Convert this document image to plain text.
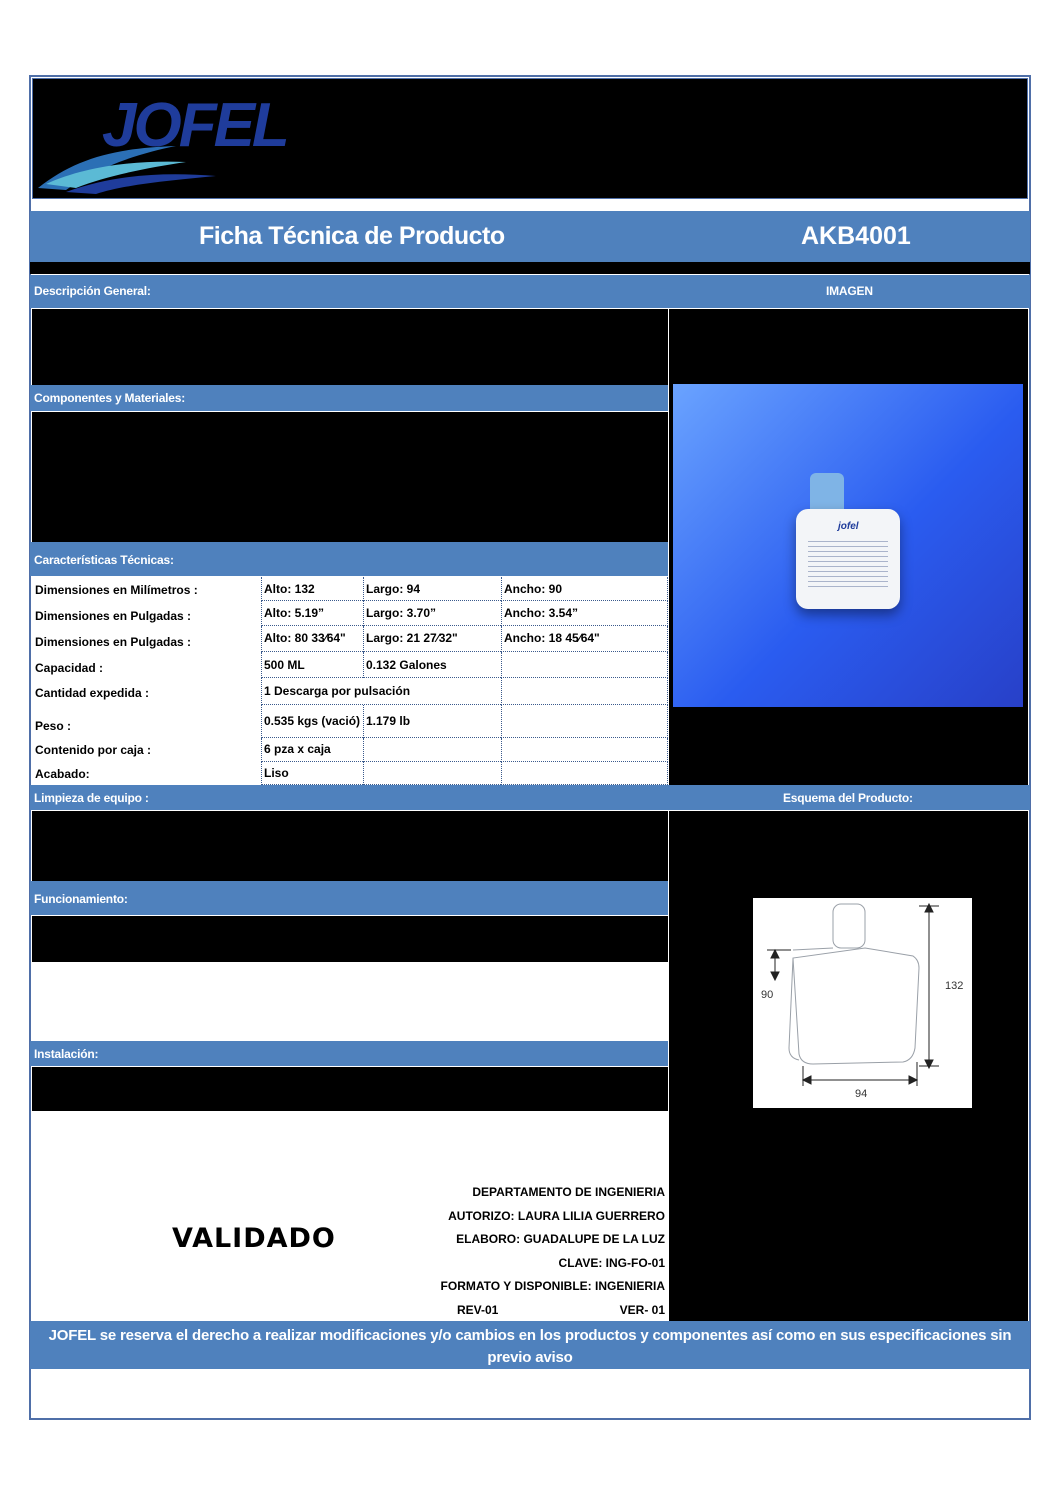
JOFEL
Ficha Técnica de Producto	AKB4001
Descripción General:	IMAGEN
jofel
Componentes y Materiales:
Características Técnicas:
Dimensiones en Milímetros :	Alto: 132	Largo: 94	Ancho: 90
Dimensiones en Pulgadas :	Alto: 5.19”	Largo: 3.70”	Ancho: 3.54”
Dimensiones en Pulgadas :	Alto: 80 33⁄64"	Largo: 21 27⁄32"	Ancho: 18 45⁄64"
Capacidad :	500 ML	0.132 Galones
Cantidad expedida :	1 Descarga por pulsación
Peso :	0.535 kgs (vació) 1.179 lb
Contenido por caja :	6 pza x caja
Acabado:	Liso
Limpieza de equipo :	Esquema del Producto:
132
90
94
Funcionamiento:
Instalación:
VALIDADO
DEPARTAMENTO DE INGENIERIA
AUTORIZO: LAURA LILIA GUERRERO
ELABORO: GUADALUPE DE LA LUZ
CLAVE: ING-FO-01
FORMATO Y DISPONIBLE: INGENIERIA
REV-01	VER- 01
JOFEL se reserva el derecho a realizar modificaciones y/o cambios en los productos y componentes así como en sus especificaciones sin previo aviso
